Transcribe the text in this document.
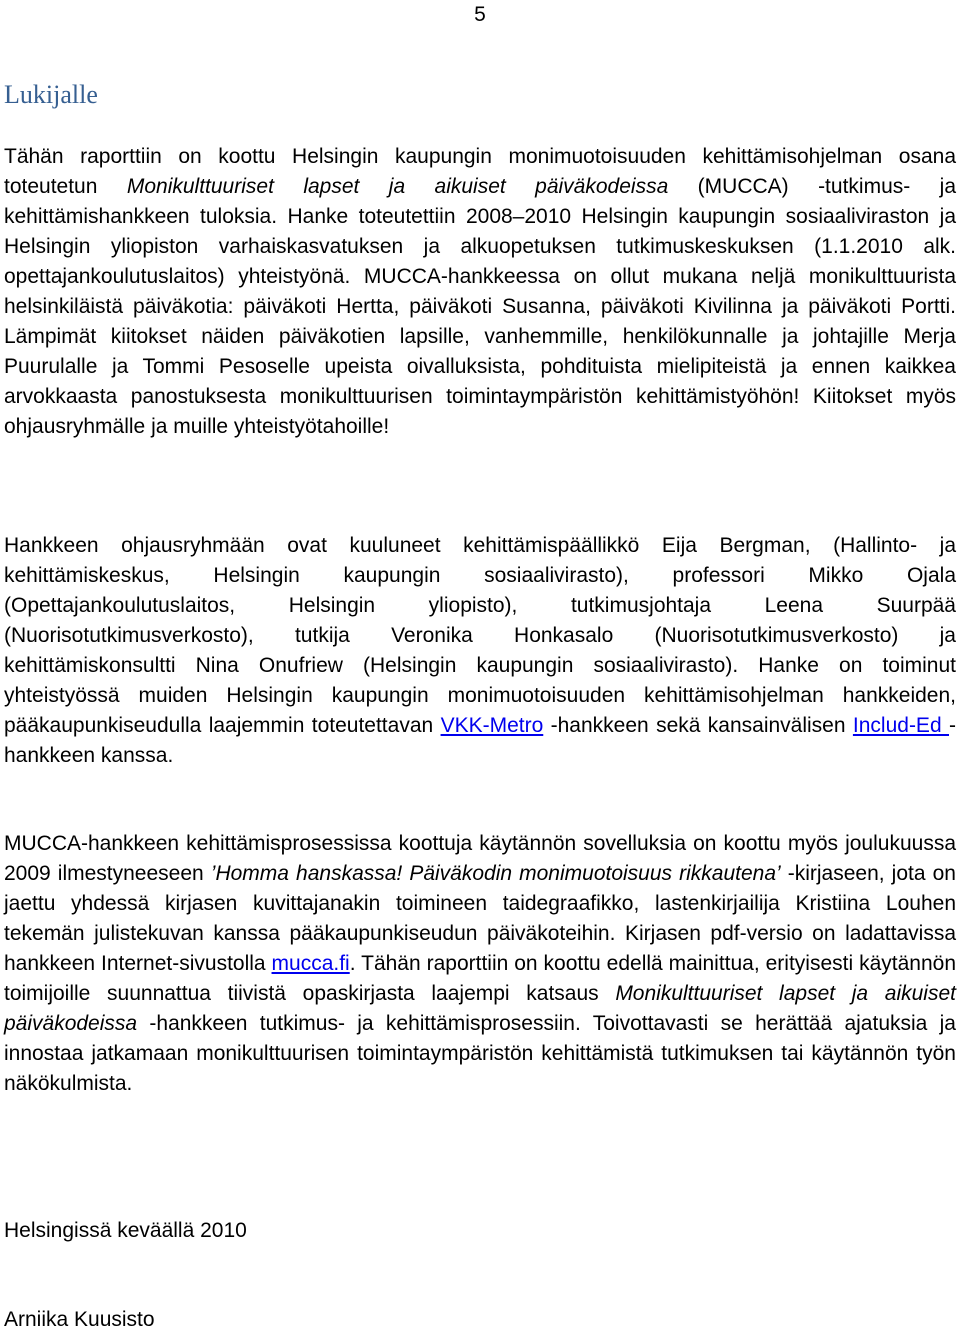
5
Lukijalle

Tähän raporttiin on koottu Helsingin kaupungin monimuotoisuuden kehittämisohjelman osana toteutetun Monikulttuuriset lapset ja aikuiset päiväkodeissa (MUCCA) -tutkimus- ja kehittämishankkeen tuloksia. Hanke toteutettiin 2008–2010 Helsingin kaupungin sosiaaliviraston ja Helsingin yliopiston varhaiskasvatuksen ja alkuopetuksen tutkimuskeskuksen (1.1.2010 alk. opettajankoulutuslaitos) yhteistyönä. MUCCA-hankkeessa on ollut mukana neljä monikulttuurista helsinkiläistä päiväkotia: päiväkoti Hertta, päiväkoti Susanna, päiväkoti Kivilinna ja päiväkoti Portti. Lämpimät kiitokset näiden päiväkotien lapsille, vanhemmille, henkilökunnalle ja johtajille Merja Puurulalle ja Tommi Pesoselle upeista oivalluksista, pohdituista mielipiteistä ja ennen kaikkea arvokkaasta panostuksesta monikulttuurisen toimintaympäristön kehittämistyöhön! Kiitokset myös ohjausryhmälle ja muille yhteistyötahoille!

Hankkeen ohjausryhmään ovat kuuluneet kehittämispäällikkö Eija Bergman, (Hallinto- ja kehittämiskeskus, Helsingin kaupungin sosiaalivirasto), professori Mikko Ojala (Opettajankoulutuslaitos, Helsingin yliopisto), tutkimusjohtaja Leena Suurpää (Nuorisotutkimusverkosto), tutkija Veronika Honkasalo (Nuorisotutkimusverkosto) ja kehittämiskonsultti Nina Onufriew (Helsingin kaupungin sosiaalivirasto). Hanke on toiminut yhteistyössä muiden Helsingin kaupungin monimuotoisuuden kehittämisohjelman hankkeiden, pääkaupunkiseudulla laajemmin toteutettavan VKK-Metro -hankkeen sekä kansainvälisen Includ-Ed -hankkeen kanssa.

MUCCA-hankkeen kehittämisprosessissa koottuja käytännön sovelluksia on koottu myös joulukuussa 2009 ilmestyneeseen ’Homma hanskassa! Päiväkodin monimuotoisuus rikkautena’ -kirjaseen, jota on jaettu yhdessä kirjasen kuvittajanakin toimineen taidegraafikko, lastenkirjailija Kristiina Louhen tekemän julistekuvan kanssa pääkaupunkiseudun päiväkoteihin. Kirjasen pdf-versio on ladattavissa hankkeen Internet-sivustolla mucca.fi. Tähän raporttiin on koottu edellä mainittua, erityisesti käytännön toimijoille suunnattua tiivistä opaskirjasta laajempi katsaus Monikulttuuriset lapset ja aikuiset päiväkodeissa -hankkeen tutkimus- ja kehittämisprosessiin. Toivottavasti se herättää ajatuksia ja innostaa jatkamaan monikulttuurisen toimintaympäristön kehittämistä tutkimuksen tai käytännön työn näkökulmista.

Helsingissä keväällä 2010

Arniika Kuusisto
